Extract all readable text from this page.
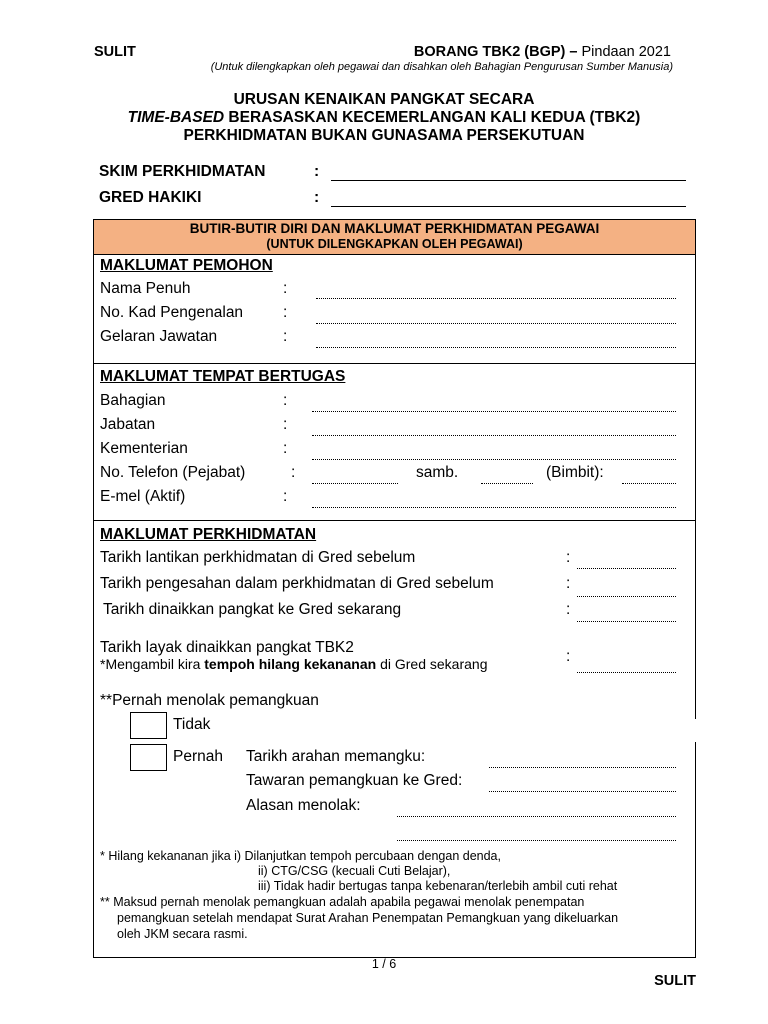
SULIT	BORANG TBK2 (BGP) – Pindaan 2021
(Untuk dilengkapkan oleh pegawai dan disahkan oleh Bahagian Pengurusan Sumber Manusia)
URUSAN KENAIKAN PANGKAT SECARA
TIME-BASED BERASASKAN KECEMERLANGAN KALI KEDUA (TBK2)
PERKHIDMATAN BUKAN GUNASAMA PERSEKUTUAN
SKIM PERKHIDMATAN	:
GRED HAKIKI	:
BUTIR-BUTIR DIRI DAN MAKLUMAT PERKHIDMATAN PEGAWAI
(UNTUK DILENGKAPKAN OLEH PEGAWAI)
MAKLUMAT PEMOHON
Nama Penuh	:
No. Kad Pengenalan	:
Gelaran Jawatan	:
MAKLUMAT TEMPAT BERTUGAS
Bahagian	:
Jabatan	:
Kementerian	:
No. Telefon (Pejabat)	:	samb.	(Bimbit):
E-mel (Aktif)	:
MAKLUMAT PERKHIDMATAN
Tarikh lantikan perkhidmatan di Gred sebelum	:
Tarikh pengesahan dalam perkhidmatan di Gred sebelum	:
Tarikh dinaikkan pangkat ke Gred sekarang	:
Tarikh layak dinaikkan pangkat TBK2
*Mengambil kira tempoh hilang kekananan di Gred sekarang	:
**Pernah menolak pemangkuan
Tidak
Pernah Tarikh arahan memangku:
Tawaran pemangkuan ke Gred:
Alasan menolak:
* Hilang kekananan jika i) Dilanjutkan tempoh percubaan dengan denda,
ii) CTG/CSG (kecuali Cuti Belajar),
iii) Tidak hadir bertugas tanpa kebenaran/terlebih ambil cuti rehat
** Maksud pernah menolak pemangkuan adalah apabila pegawai menolak penempatan
pemangkuan setelah mendapat Surat Arahan Penempatan Pemangkuan yang dikeluarkan
oleh JKM secara rasmi.
1 / 6
SULIT
